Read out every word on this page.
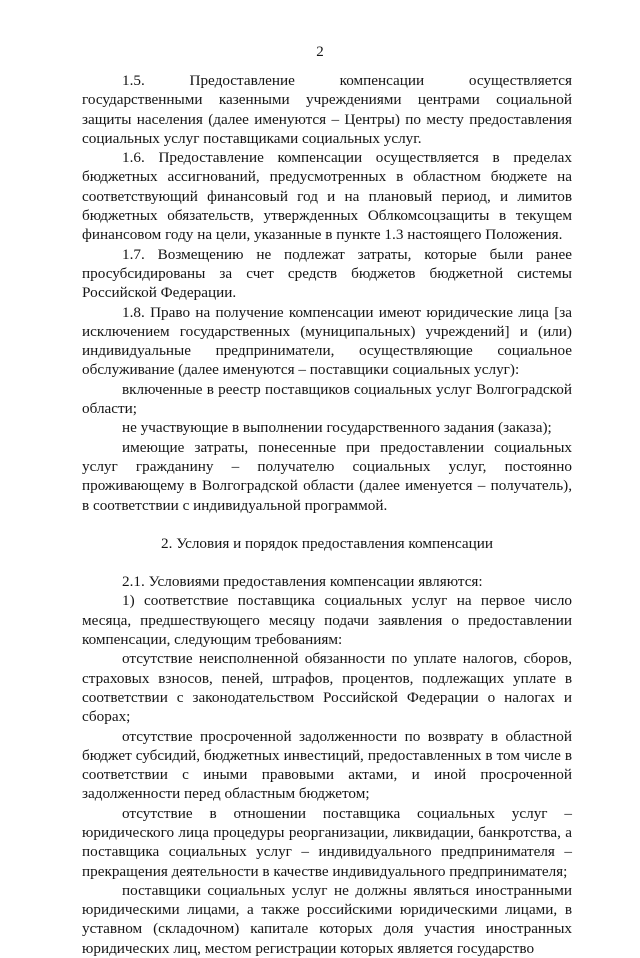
2

1.5. Предоставление компенсации осуществляется государственными казенными учреждениями центрами социальной защиты населения (далее именуются – Центры) по месту предоставления социальных услуг поставщиками социальных услуг.

1.6. Предоставление компенсации осуществляется в пределах бюджетных ассигнований, предусмотренных в областном бюджете на соответствующий финансовый год и на плановый период, и лимитов бюджетных обязательств, утвержденных Облкомсоцзащиты в текущем финансовом году на цели, указанные в пункте 1.3 настоящего Положения.

1.7. Возмещению не подлежат затраты, которые были ранее просубсидированы за счет средств бюджетов бюджетной системы Российской Федерации.

1.8. Право на получение компенсации имеют юридические лица [за исключением государственных (муниципальных) учреждений] и (или) индивидуальные предприниматели, осуществляющие социальное обслуживание (далее именуются – поставщики социальных услуг):

включенные в реестр поставщиков социальных услуг Волгоградской области;

не участвующие в выполнении государственного задания (заказа);

имеющие затраты, понесенные при предоставлении социальных услуг гражданину – получателю социальных услуг, постоянно проживающему в Волгоградской области (далее именуется – получатель), в соответствии с индивидуальной программой.

2. Условия и порядок предоставления компенсации

2.1. Условиями предоставления компенсации являются:

1) соответствие поставщика социальных услуг на первое число месяца, предшествующего месяцу подачи заявления о предоставлении компенсации, следующим требованиям:

отсутствие неисполненной обязанности по уплате налогов, сборов, страховых взносов, пеней, штрафов, процентов, подлежащих уплате в соответствии с законодательством Российской Федерации о налогах и сборах;

отсутствие просроченной задолженности по возврату в областной бюджет субсидий, бюджетных инвестиций, предоставленных в том числе в соответствии с иными правовыми актами, и иной просроченной задолженности перед областным бюджетом;

отсутствие в отношении поставщика социальных услуг – юридического лица процедуры реорганизации, ликвидации, банкротства, а поставщика социальных услуг – индивидуального предпринимателя – прекращения деятельности в качестве индивидуального предпринимателя;

поставщики социальных услуг не должны являться иностранными юридическими лицами, а также российскими юридическими лицами, в уставном (складочном) капитале которых доля участия иностранных юридических лиц, местом регистрации которых является государство
